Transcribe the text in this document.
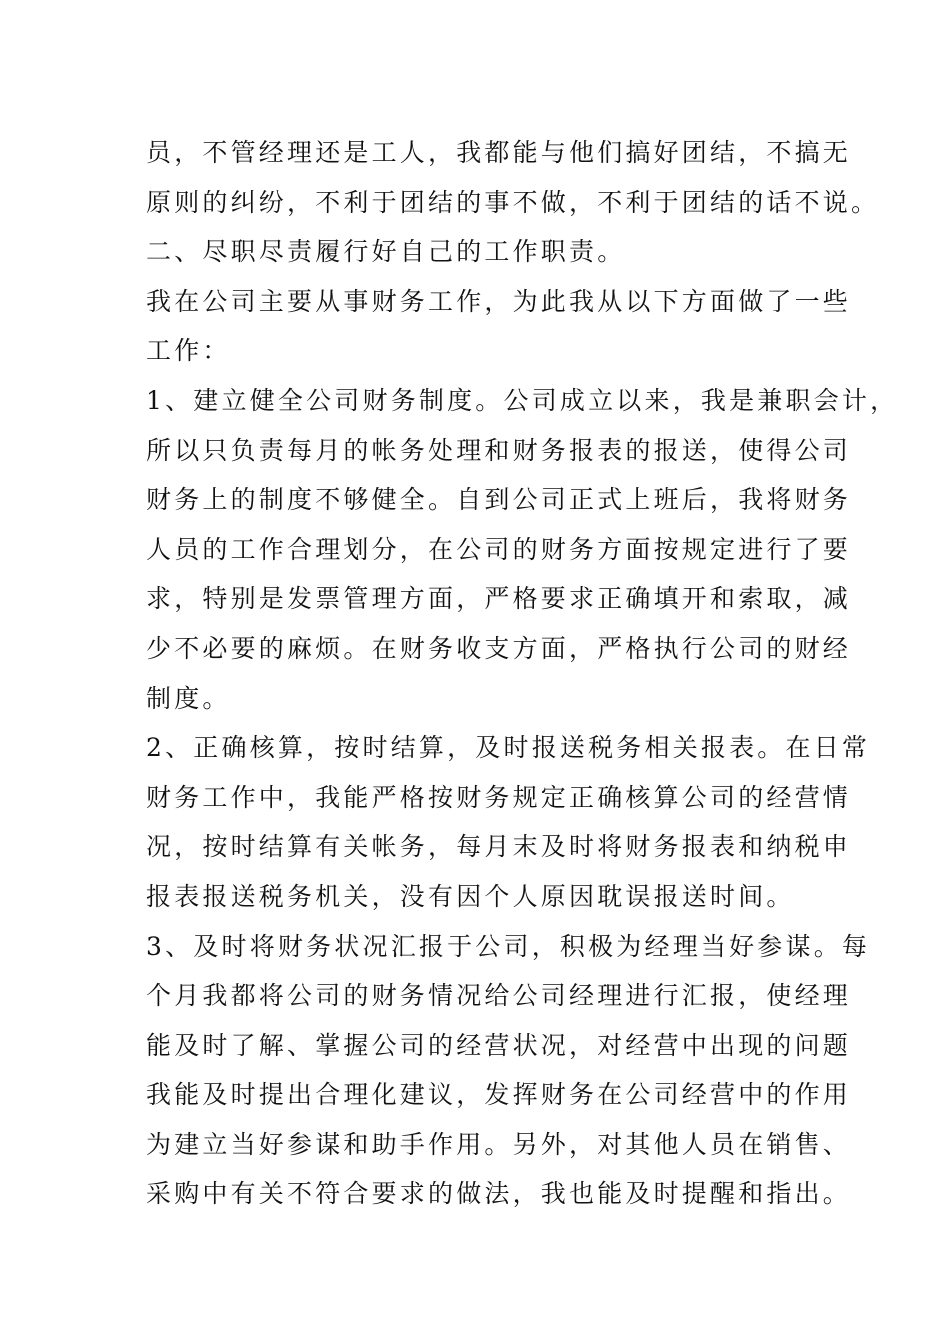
员，不管经理还是工人，我都能与他们搞好团结，不搞无
原则的纠纷，不利于团结的事不做，不利于团结的话不说。
二、尽职尽责履行好自己的工作职责。
我在公司主要从事财务工作，为此我从以下方面做了一些
工作：
1、建立健全公司财务制度。公司成立以来，我是兼职会计，
所以只负责每月的帐务处理和财务报表的报送，使得公司
财务上的制度不够健全。自到公司正式上班后，我将财务
人员的工作合理划分，在公司的财务方面按规定进行了要
求，特别是发票管理方面，严格要求正确填开和索取，减
少不必要的麻烦。在财务收支方面，严格执行公司的财经
制度。
2、正确核算，按时结算，及时报送税务相关报表。在日常
财务工作中，我能严格按财务规定正确核算公司的经营情
况，按时结算有关帐务，每月末及时将财务报表和纳税申
报表报送税务机关，没有因个人原因耽误报送时间。
3、及时将财务状况汇报于公司，积极为经理当好参谋。每
个月我都将公司的财务情况给公司经理进行汇报，使经理
能及时了解、掌握公司的经营状况，对经营中出现的问题
我能及时提出合理化建议，发挥财务在公司经营中的作用
为建立当好参谋和助手作用。另外，对其他人员在销售、
采购中有关不符合要求的做法，我也能及时提醒和指出。
